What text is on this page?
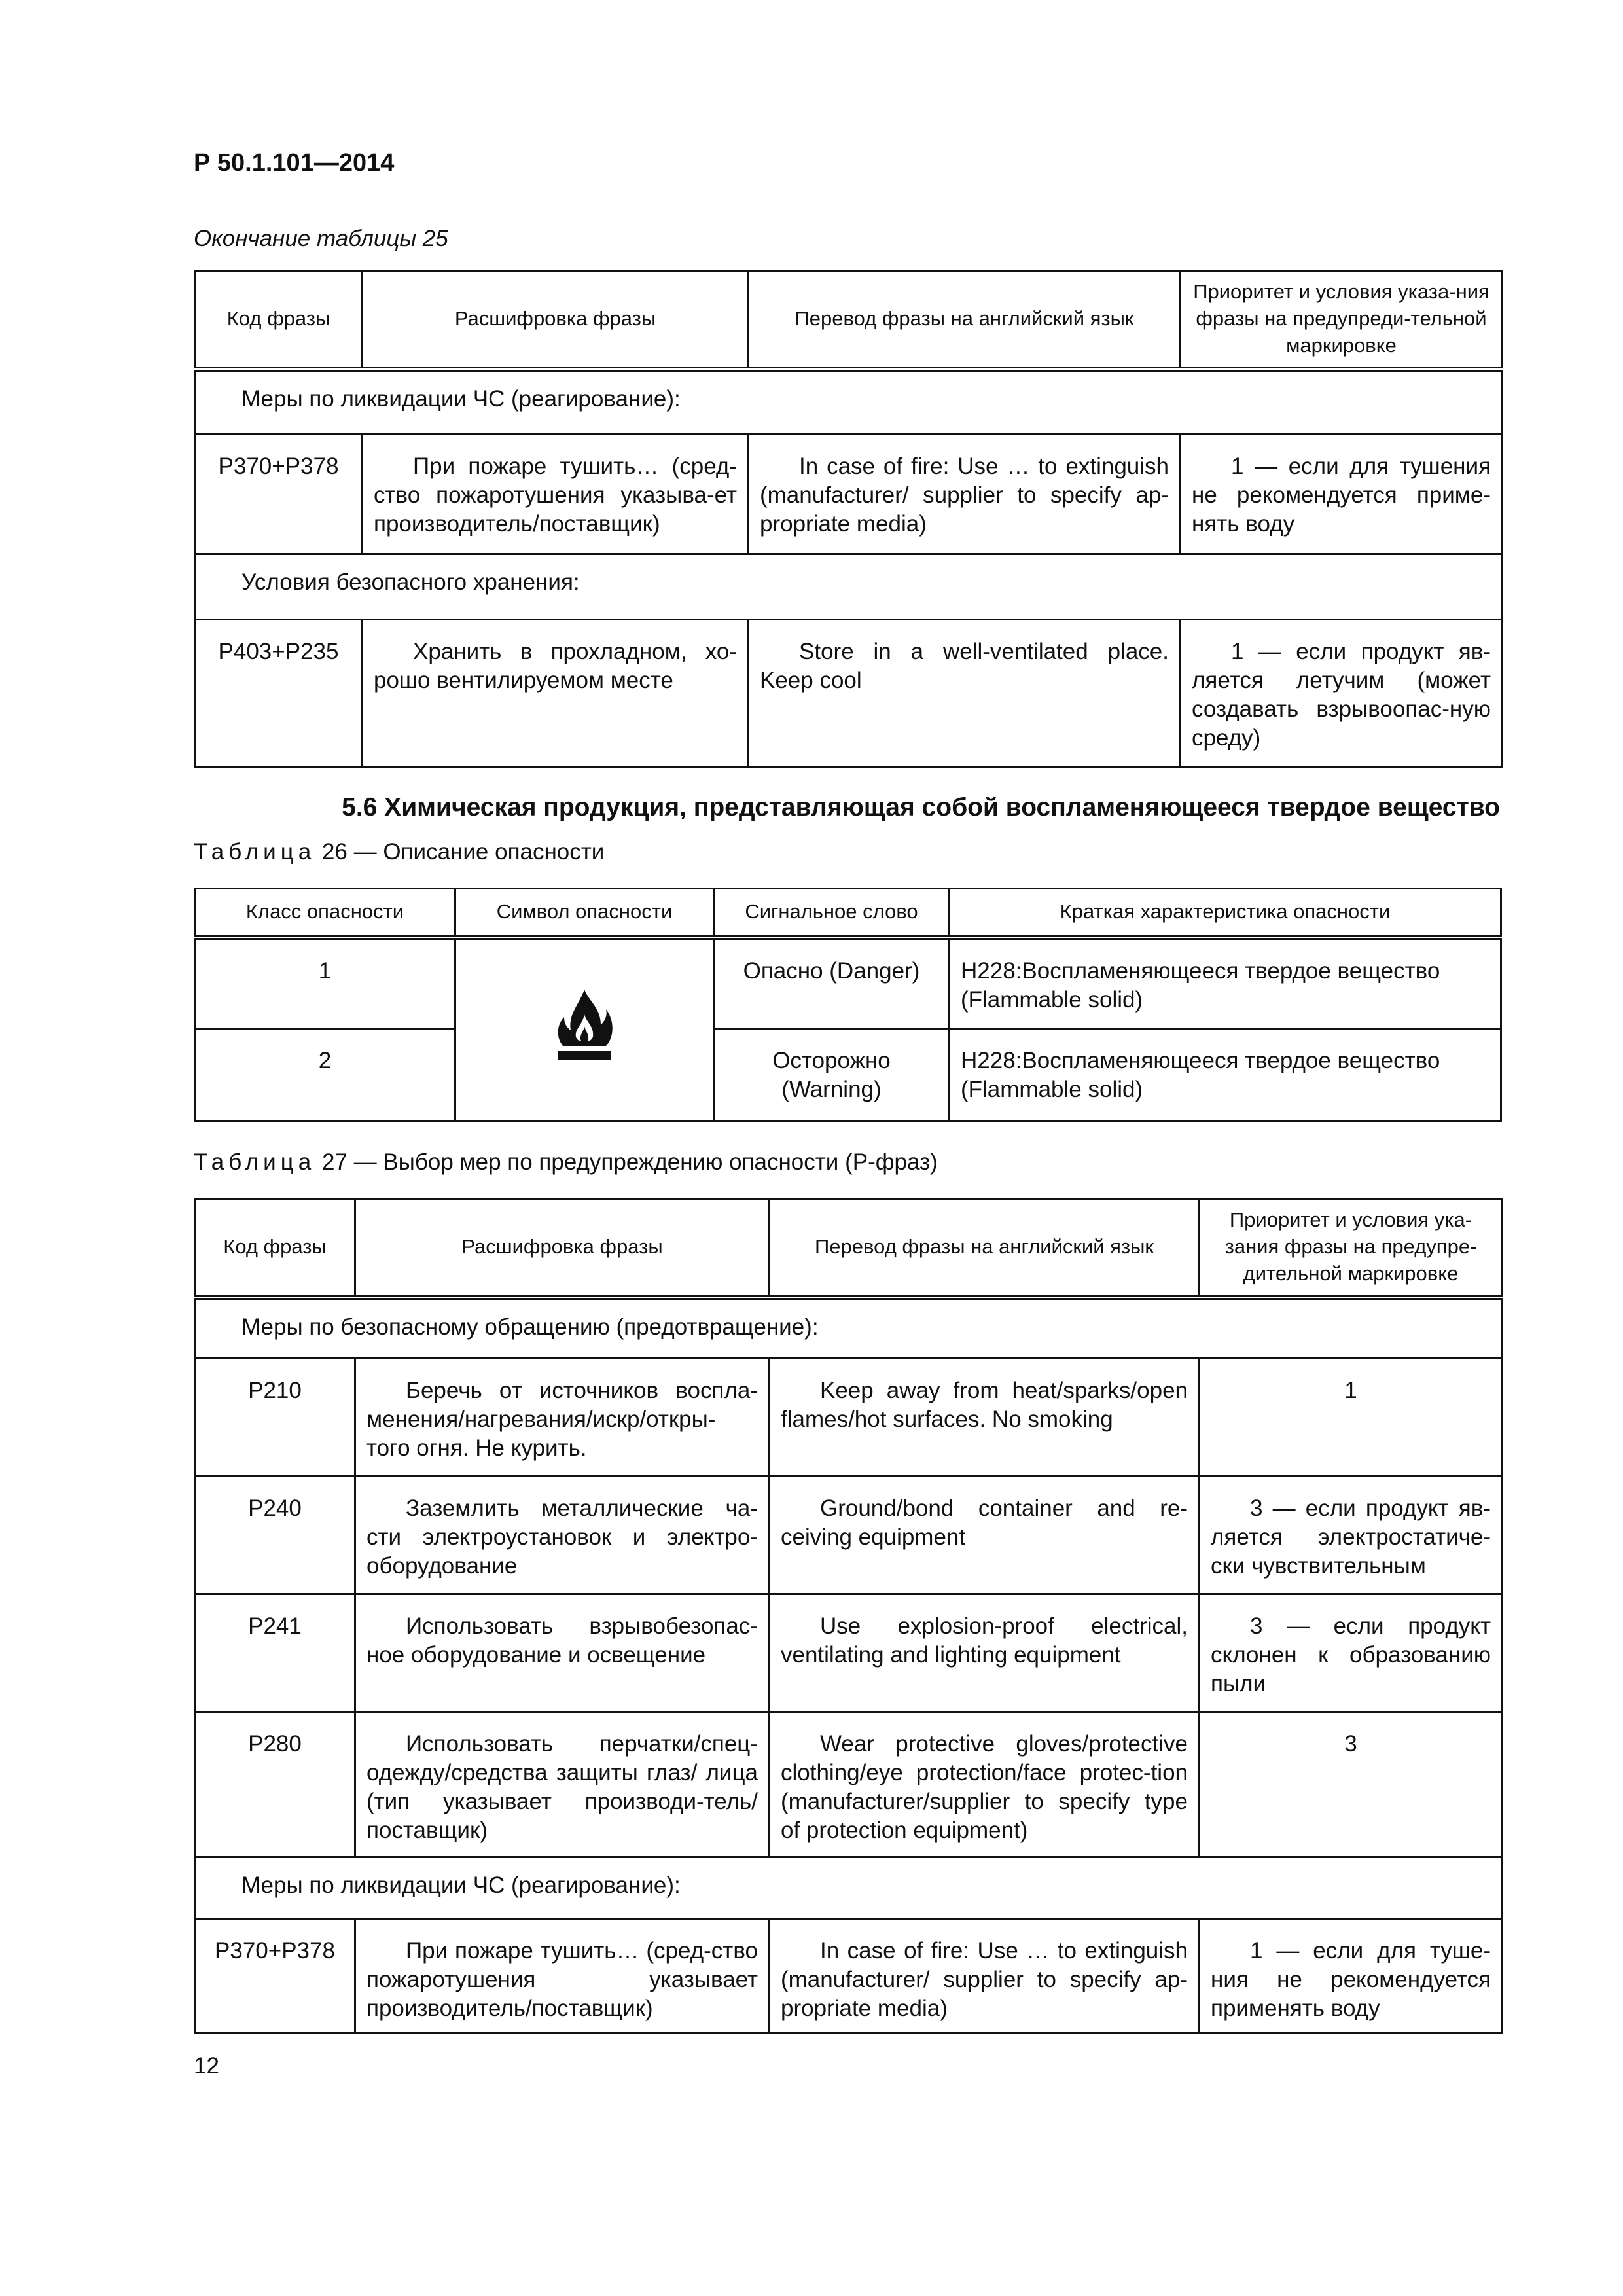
Р 50.1.101—2014

Окончание таблицы 25

Код фразы	Расшифровка фразы	Перевод фразы на английский язык	Приоритет и условия указа-ния фразы на предупреди-тельной маркировке
Меры по ликвидации ЧС (реагирование):			
P370+P378	При пожаре тушить… (сред-ство пожаротушения указыва-ет производитель/поставщик)	In case of fire: Use … to extinguish (manufacturer/ supplier to specify ap-propriate media)	1 — если для тушения не рекомендуется приме-нять воду
Условия безопасного хранения:			
P403+P235	Хранить в прохладном, хо-рошо вентилируемом месте	Store in a well-ventilated place. Keep cool	1 — если продукт яв-ляется летучим (может создавать взрывоопас-ную среду)

5.6 Химическая продукция, представляющая собой воспламеняющееся твердое вещество

Таблица 26 — Описание опасности

Класс опасности	Символ опасности	Сигнальное слово	Краткая характеристика опасности
1		Опасно (Danger)	H228:Воспламеняющееся твердое вещество (Flammable solid)
2		Осторожно (Warning)	H228:Воспламеняющееся твердое вещество (Flammable solid)

Таблица 27 — Выбор мер по предупреждению опасности (Р-фраз)

Код фразы	Расшифровка фразы	Перевод фразы на английский язык	Приоритет и условия ука-зания фразы на предупре-дительной маркировке
Меры по безопасному обращению (предотвращение):			
P210	Беречь от источников воспла-менения/нагревания/искр/откры-того огня. Не курить.	Keep away from heat/sparks/open flames/hot surfaces. No smoking	1
P240	Заземлить металлические ча-сти электроустановок и электро-оборудование	Ground/bond container and re-ceiving equipment	3 — если продукт яв-ляется электростатиче-ски чувствительным
P241	Использовать взрывобезопас-ное оборудование и освещение	Use explosion-proof electrical, ventilating and lighting equipment	3 — если продукт склонен к образованию пыли
P280	Использовать перчатки/спец-одежду/средства защиты глаз/ лица (тип указывает производи-тель/поставщик)	Wear protective gloves/protective clothing/eye protection/face protec-tion (manufacturer/supplier to specify type of protection equipment)	3
Меры по ликвидации ЧС (реагирование):			
P370+P378	При пожаре тушить… (сред-ство пожаротушения указывает производитель/поставщик)	In case of fire: Use … to extinguish (manufacturer/ supplier to specify ap-propriate media)	1 — если для туше-ния не рекомендуется применять воду

12
